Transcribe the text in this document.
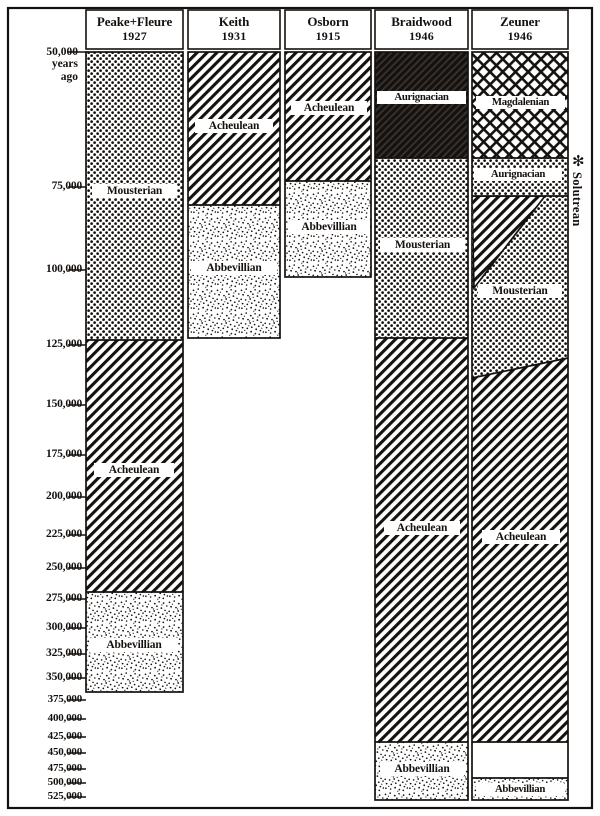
50,000
years
ago
75,000
100,000
125,000
150,000
175,000
200,000
225,000
250,000
275,000
300,000
325,000
350,000
375,000
400,000
425,000
450,000
475,000
500,000
525,000
Peake+Fleure
1927
Keith
1931
Osborn
1915
Braidwood
1946
Zeuner
1946
Mousterian
Acheulean
Abbevillian
Acheulean
Abbevillian
Acheulean
Abbevillian
Aurignacian
Mousterian
Acheulean
Abbevillian
Magdalenian
Aurignacian
Mousterian
Acheulean
Abbevillian
✻
Solutrean
